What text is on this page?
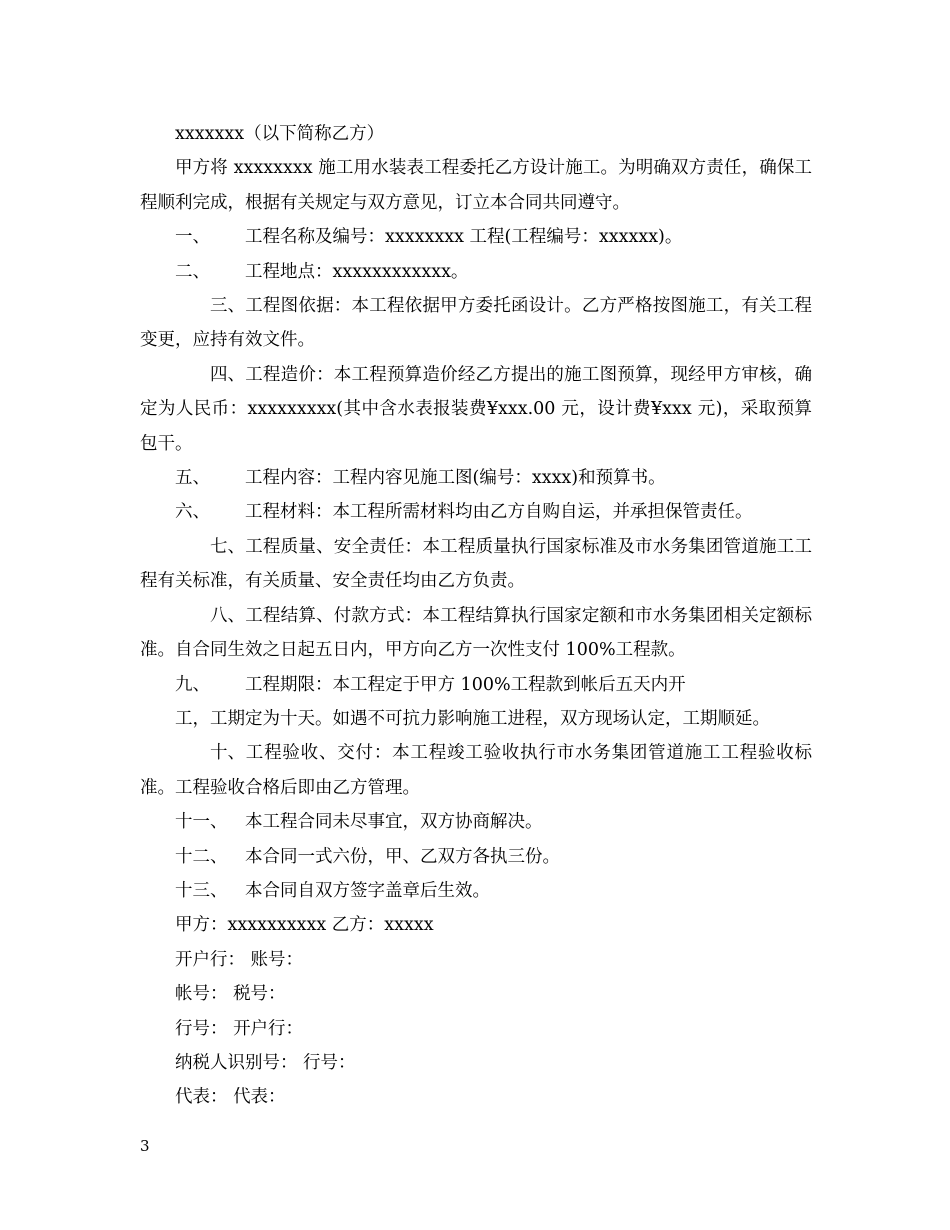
xxxxxxx（以下简称乙方）

甲方将 xxxxxxxx 施工用水装表工程委托乙方设计施工。为明确双方责任，确保工程顺利完成，根据有关规定与双方意见，订立本合同共同遵守。

一、 工程名称及编号：xxxxxxxx 工程(工程编号：xxxxxx)。

二、 工程地点：xxxxxxxxxxxx。

三、工程图依据：本工程依据甲方委托函设计。乙方严格按图施工，有关工程变更，应持有效文件。

四、工程造价：本工程预算造价经乙方提出的施工图预算，现经甲方审核，确定为人民币：xxxxxxxxx(其中含水表报装费¥xxx.00 元，设计费¥xxx 元)，采取预算包干。

五、 工程内容：工程内容见施工图(编号：xxxx)和预算书。

六、 工程材料：本工程所需材料均由乙方自购自运，并承担保管责任。

七、工程质量、安全责任：本工程质量执行国家标准及市水务集团管道施工工程有关标准，有关质量、安全责任均由乙方负责。

八、工程结算、付款方式：本工程结算执行国家定额和市水务集团相关定额标准。自合同生效之日起五日内，甲方向乙方一次性支付 100%工程款。

九、 工程期限：本工程定于甲方 100%工程款到帐后五天内开

工，工期定为十天。如遇不可抗力影响施工进程，双方现场认定，工期顺延。

十、工程验收、交付：本工程竣工验收执行市水务集团管道施工工程验收标准。工程验收合格后即由乙方管理。

十一、 本工程合同未尽事宜，双方协商解决。

十二、 本合同一式六份，甲、乙双方各执三份。

十三、 本合同自双方签字盖章后生效。

甲方：xxxxxxxxxx 乙方：xxxxx

开户行： 账号：

帐号： 税号：

行号： 开户行：

纳税人识别号： 行号：

代表： 代表：

3
